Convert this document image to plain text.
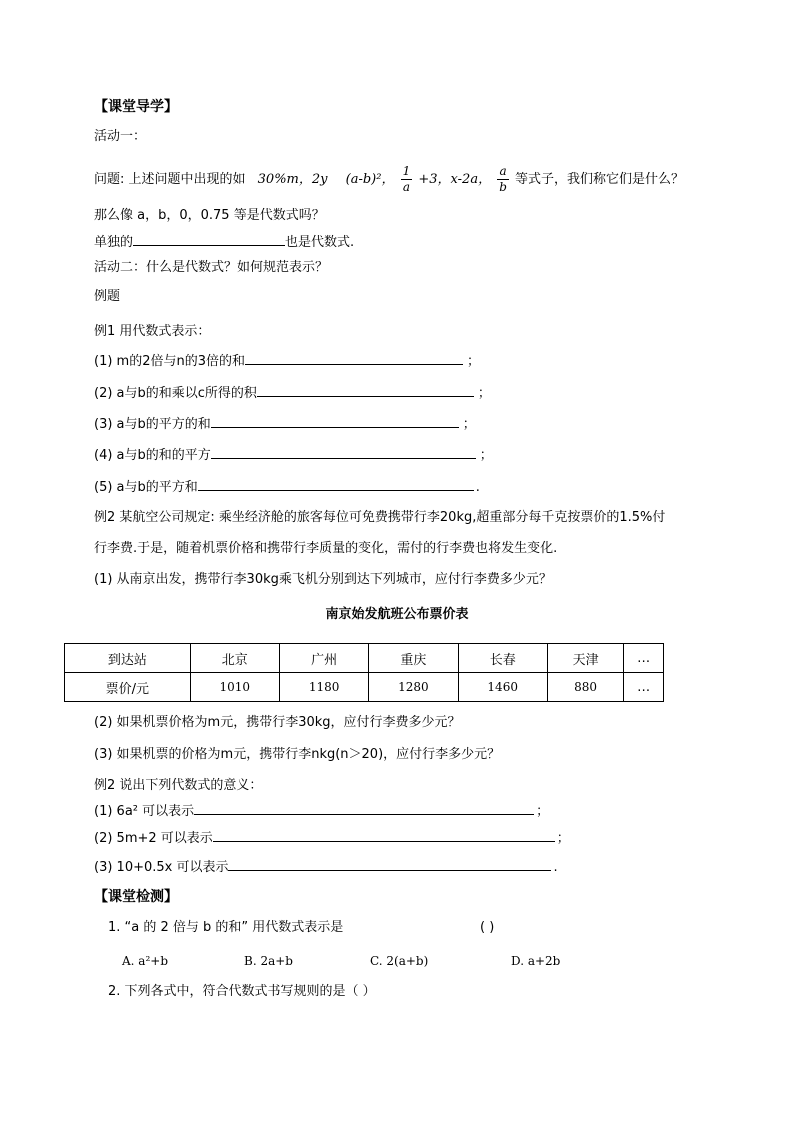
【课堂导学】
活动一：
问题: 上述问题中出现的如 30%m，2y (a-b)²， $\frac{1}{a} +3$，x-2a， $\frac{a}{b}$ 等式子，我们称它们是什么？
那么像 a，b，0，0.75 等是代数式吗？
单独的	也是代数式.
活动二：什么是代数式？如何规范表示？
例题
例1 用代数式表示：
(1) m的2倍与n的3倍的和	；
(2) a与b的和乘以c所得的积	；
(3) a与b的平方的和	；
(4) a与b的和的平方	；
(5) a与b的平方和	.
例2 某航空公司规定: 乘坐经济舱的旅客每位可免费携带行李20kg,超重部分每千克按票价的1.5%付
行李费.于是，随着机票价格和携带行李质量的变化，需付的行李费也将发生变化.
(1) 从南京出发，携带行李30kg乘飞机分别到达下列城市，应付行李费多少元？
南京始发航班公布票价表
到达站	北京	广州	重庆	长春	天津	…
票价/元	1010	1180	1280	1460	880	…
(2) 如果机票价格为m元，携带行李30kg，应付行李费多少元？
(3) 如果机票的价格为m元，携带行李nkg(n＞20)，应付行李多少元？
例2 说出下列代数式的意义：
(1) 6a² 可以表示	；
(2) 5m+2 可以表示	；
(3) 10+0.5x 可以表示	.
【课堂检测】
1. “a 的 2 倍与 b 的和” 用代数式表示是	( )
A. a²+b	B. 2a+b	C. 2(a+b)	D. a+2b
2. 下列各式中，符合代数式书写规则的是（ ）
